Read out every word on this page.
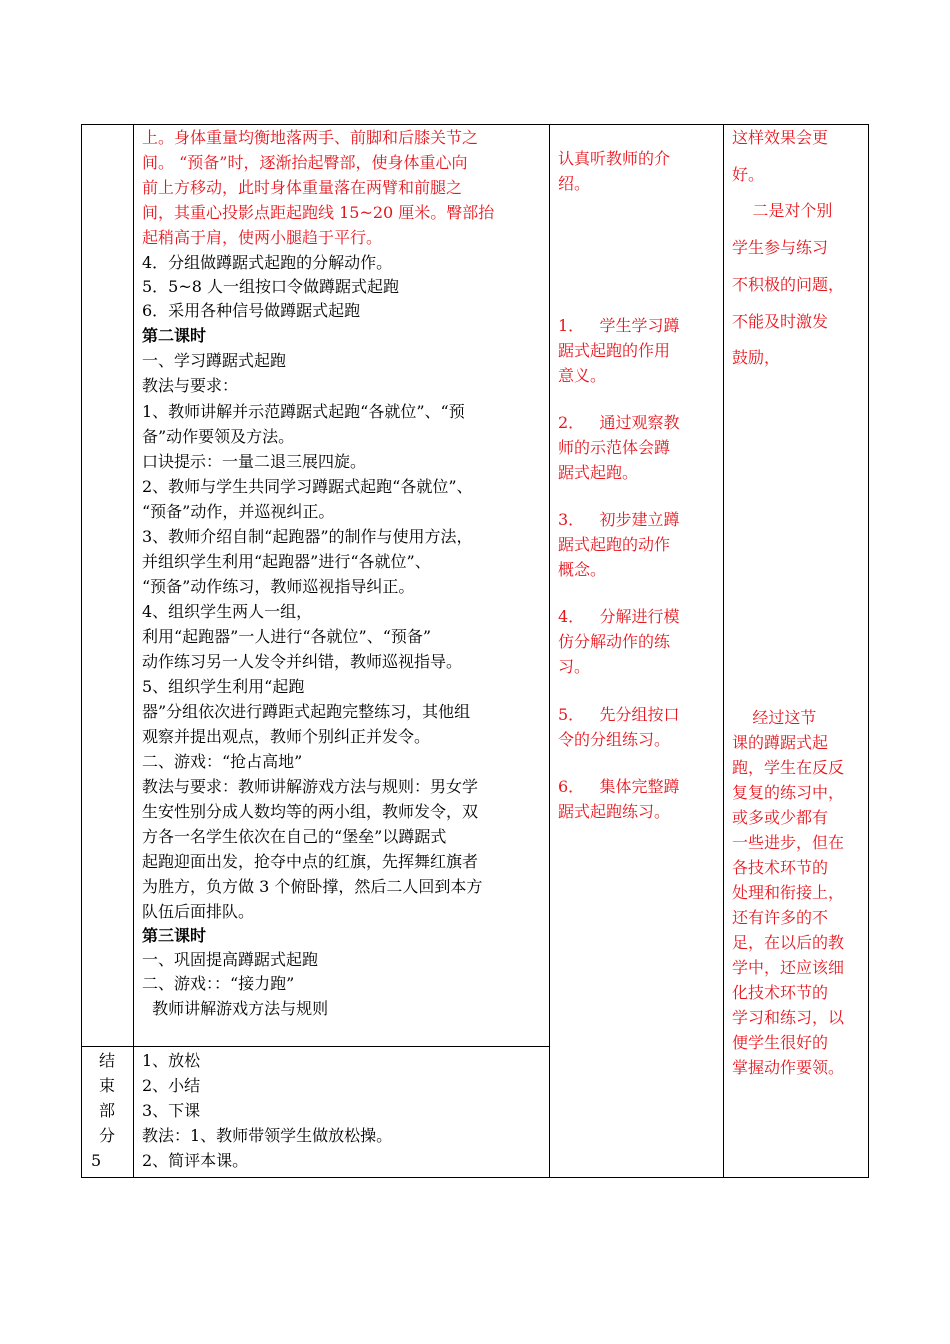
上。身体重量均衡地落两手、前脚和后膝关节之
间。 “预备”时，逐渐抬起臀部，使身体重心向
前上方移动，此时身体重量落在两臂和前腿之
间，其重心投影点距起跑线 15~20 厘米。臀部抬
起稍高于肩，使两小腿趋于平行。
4．分组做蹲踞式起跑的分解动作。
5．5~8 人一组按口令做蹲踞式起跑
6．采用各种信号做蹲踞式起跑
第二课时
一、学习蹲踞式起跑
教法与要求：
1、教师讲解并示范蹲踞式起跑“各就位”、“预
备”动作要领及方法。
口诀提示：一量二退三展四旋。
2、教师与学生共同学习蹲踞式起跑“各就位”、
“预备”动作，并巡视纠正。
3、教师介绍自制“起跑器”的制作与使用方法，
并组织学生利用“起跑器”进行“各就位”、
“预备”动作练习，教师巡视指导纠正。
4、组织学生两人一组，
利用“起跑器”一人进行“各就位”、“预备”
动作练习另一人发令并纠错，教师巡视指导。
5、组织学生利用“起跑
器”分组依次进行蹲距式起跑完整练习，其他组
观察并提出观点，教师个别纠正并发令。
二、游戏：“抢占高地”
教法与要求：教师讲解游戏方法与规则：男女学
生安性别分成人数均等的两小组，教师发令，双
方各一名学生依次在自己的“堡垒”以蹲踞式
起跑迎面出发，抢夺中点的红旗，先挥舞红旗者
为胜方，负方做 3 个俯卧撑，然后二人回到本方
队伍后面排队。
第三课时
一、巩固提高蹲踞式起跑
二、游戏：：“接力跑”
教师讲解游戏方法与规则
结
束
部
分
5
1、放松
2、小结
3、下课
教法：1、教师带领学生做放松操。
2、简评本课。
认真听教师的介
绍。
1．   学生学习蹲
踞式起跑的作用
意义。
2．   通过观察教
师的示范体会蹲
踞式起跑。
3．   初步建立蹲
踞式起跑的动作
概念。
4．   分解进行模
仿分解动作的练
习。
5．   先分组按口
令的分组练习。
6．   集体完整蹲
踞式起跑练习。
这样效果会更
好。
二是对个别
学生参与练习
不积极的问题，
不能及时激发
鼓励，
经过这节
课的蹲踞式起
跑，学生在反反
复复的练习中，
或多或少都有
一些进步，但在
各技术环节的
处理和衔接上，
还有许多的不
足，在以后的教
学中，还应该细
化技术环节的
学习和练习，以
便学生很好的
掌握动作要领。
